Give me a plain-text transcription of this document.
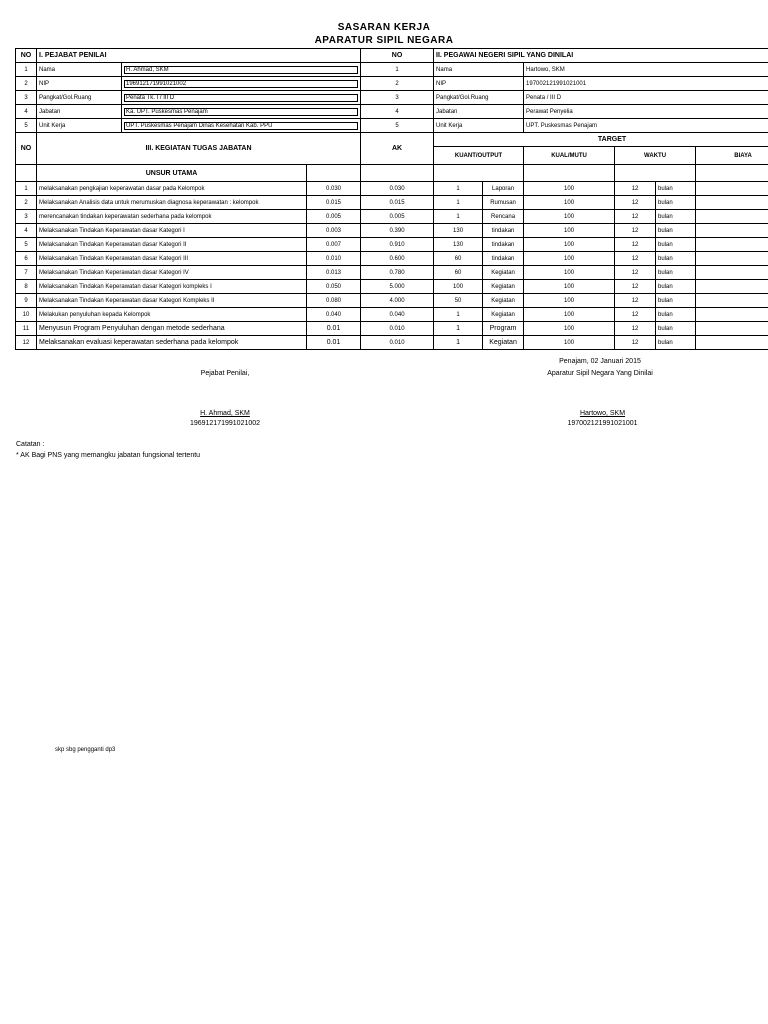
SASARAN KERJA
APARATUR SIPIL NEGARA
NO	I. PEJABAT PENILAI			NO	II. PEGAWAI NEGERI SIPIL YANG DINILAI					
1	Nama	H. Ahmad, SKM		1	Nama		Hartowo, SKM			
2	NIP	196912171991021002		2	NIP		197002121991021001			
3	Pangkat/Gol.Ruang	Penata Tk. I / III D		3	Pangkat/Gol.Ruang		Penata / III D			
4	Jabatan	Ka. UPT. Puskesmas Penajam		4	Jabatan		Perawat Penyelia			
5	Unit Kerja	UPT. Puskesmas Penajam Dinas Kesehatan Kab. PPU		5	Unit Kerja		UPT. Puskesmas Penajam			
NO	III. KEGIATAN TUGAS JABATAN			AK	TARGET					
					KUANT/OUTPUT		KUAL/MUTU	WAKTU		BIAYA
	UNSUR UTAMA									
1	melaksanakan pengkajian keperawatan dasar pada Kelompok		0.030	0.030	1	Laporan	100	12	bulan	
2	Melaksanakan Analisis data untuk merumuskan diagnosa keperawatan : kelompok		0.015	0.015	1	Rumusan	100	12	bulan	
3	merencanakan tindakan keperawatan sederhana pada kelompok		0.005	0.005	1	Rencana	100	12	bulan	
4	Melaksanakan Tindakan Keperawatan dasar Kategori I		0.003	0.390	130	tindakan	100	12	bulan	
5	Melaksanakan Tindakan Keperawatan dasar Kategori II		0.007	0.910	130	tindakan	100	12	bulan	
6	Melaksanakan Tindakan Keperawatan dasar Kategori III		0.010	0.600	60	tindakan	100	12	bulan	
7	Melaksanakan Tindakan Keperawatan dasar Kategori IV		0.013	0.780	60	Kegiatan	100	12	bulan	
8	Melaksanakan Tindakan Keperawatan dasar Kategori kompleks I		0.050	5.000	100	Kegiatan	100	12	bulan	
9	Melaksanakan Tindakan Keperawatan dasar Kategori Kompleks II		0.080	4.000	50	Kegiatan	100	12	bulan	
10	Melakukan penyuluhan kepada Kelompok		0.040	0.040	1	Kegiatan	100	12	bulan	
11	Menyusun Program Penyuluhan dengan metode sederhana		0.01	0.010	1	Program	100	12	bulan	
12	Melaksanakan evaluasi keperawatan sederhana pada kelompok		0.01	0.010	1	Kegiatan	100	12	bulan	
Penajam, 02 Januari 2015
Pejabat Penilai,	Aparatur Sipil Negara Yang Dinilai
H. Ahmad, SKM
196912171991021002
Hartowo, SKM
197002121991021001
Catatan :
* AK Bagi PNS yang memangku jabatan fungsional tertentu
skp sbg pengganti dp3
